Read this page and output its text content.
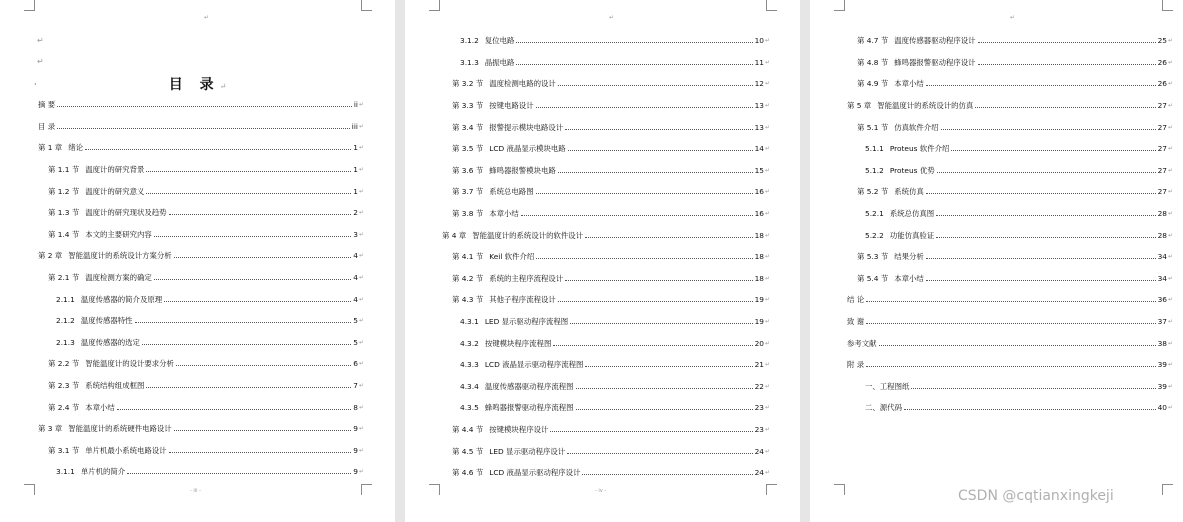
↵
↵
↵
·	目 录↵
摘 要	ii ↵
目 录	iii ↵
第 1 章 绪论	1 ↵
第 1.1 节 温度计的研究背景	1 ↵
第 1.2 节 温度计的研究意义	1 ↵
第 1.3 节 温度计的研究现状及趋势	2 ↵
第 1.4 节 本文的主要研究内容	3 ↵
第 2 章 智能温度计的系统设计方案分析	4 ↵
第 2.1 节 温度检测方案的确定	4 ↵
2.1.1 温度传感器的简介及原理	4 ↵
2.1.2 温度传感器特性	5 ↵
2.1.3 温度传感器的选定	5 ↵
第 2.2 节 智能温度计的设计要求分析	6 ↵
第 2.3 节 系统结构组成框图	7 ↵
第 2.4 节 本章小结	8 ↵
第 3 章 智能温度计的系统硬件电路设计	9 ↵
第 3.1 节 单片机最小系统电路设计	9 ↵
3.1.1 单片机的简介	9 ↵
- iii -
↵
3.1.2 复位电路	10 ↵
3.1.3 晶振电路	11 ↵
第 3.2 节 温度检测电路的设计	12 ↵
第 3.3 节 按键电路设计	13 ↵
第 3.4 节 报警提示模块电路设计	13 ↵
第 3.5 节 LCD 液晶显示模块电路	14 ↵
第 3.6 节 蜂鸣器报警模块电路	15 ↵
第 3.7 节 系统总电路图	16 ↵
第 3.8 节 本章小结	16 ↵
第 4 章 智能温度计的系统设计的软件设计	18 ↵
第 4.1 节 Keil 软件介绍	18 ↵
第 4.2 节 系统的主程序流程设计	18 ↵
第 4.3 节 其他子程序流程设计	19 ↵
4.3.1 LED 显示驱动程序流程图	19 ↵
4.3.2 按键模块程序流程图	20 ↵
4.3.3 LCD 液晶显示驱动程序流程图	21 ↵
4.3.4 温度传感器驱动程序流程图	22 ↵
4.3.5 蜂鸣器报警驱动程序流程图	23 ↵
第 4.4 节 按键模块程序设计	23 ↵
第 4.5 节 LED 显示驱动程序设计	24 ↵
第 4.6 节 LCD 液晶显示驱动程序设计	24 ↵
- iv -
↵
第 4.7 节 温度传感器驱动程序设计	25 ↵
第 4.8 节 蜂鸣器报警驱动程序设计	26 ↵
第 4.9 节 本章小结	26 ↵
第 5 章 智能温度计的系统设计的仿真	27 ↵
第 5.1 节 仿真软件介绍	27 ↵
5.1.1 Proteus 软件介绍	27 ↵
5.1.2 Proteus 优势	27 ↵
第 5.2 节 系统仿真	27 ↵
5.2.1 系统总仿真图	28 ↵
5.2.2 功能仿真验证	28 ↵
第 5.3 节 结果分析	34 ↵
第 5.4 节 本章小结	34 ↵
结 论	36 ↵
致 谢	37 ↵
参考文献	38 ↵
附 录	39 ↵
一、工程图纸	39 ↵
二、源代码	40 ↵
CSDN @cqtianxingkeji
